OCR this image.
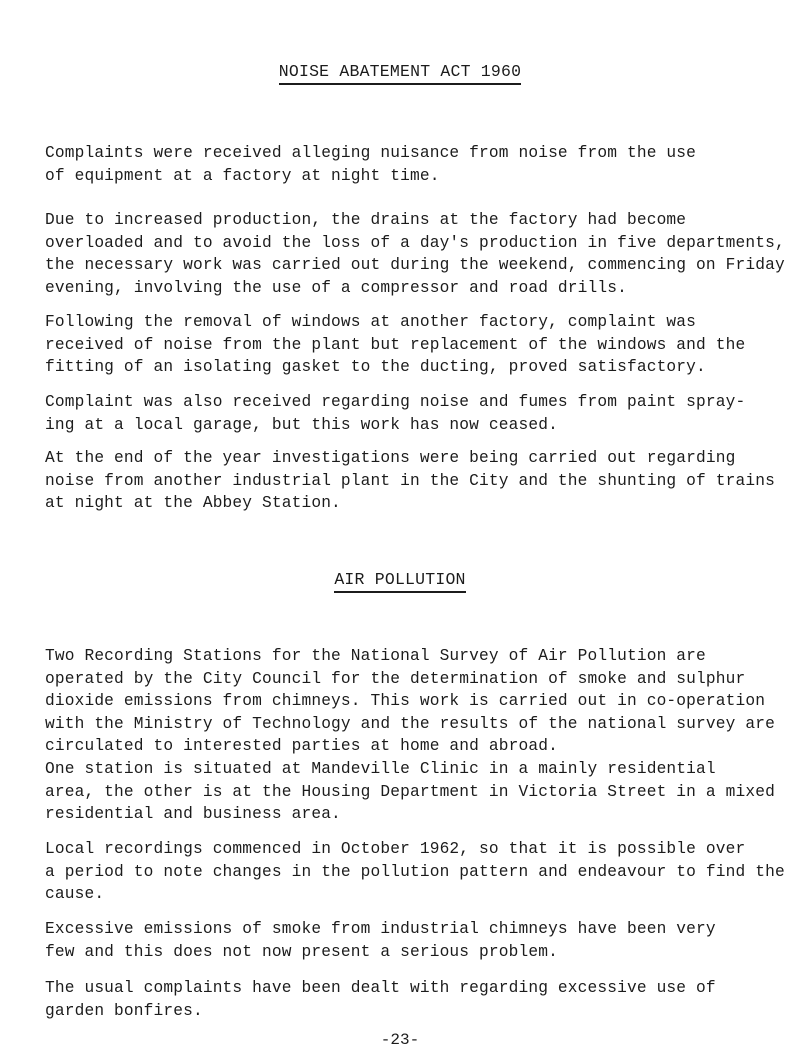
NOISE ABATEMENT ACT 1960

Complaints were received alleging nuisance from noise from the use
of equipment at a factory at night time.

Due to increased production, the drains at the factory had become
overloaded and to avoid the loss of a day's production in five departments,
the necessary work was carried out during the weekend, commencing on Friday
evening, involving the use of a compressor and road drills.

Following the removal of windows at another factory, complaint was
received of noise from the plant but replacement of the windows and the
fitting of an isolating gasket to the ducting, proved satisfactory.

Complaint was also received regarding noise and fumes from paint spray-
ing at a local garage, but this work has now ceased.

At the end of the year investigations were being carried out regarding
noise from another industrial plant in the City and the shunting of trains
at night at the Abbey Station.

AIR POLLUTION

Two Recording Stations for the National Survey of Air Pollution are
operated by the City Council for the determination of smoke and sulphur
dioxide emissions from chimneys. This work is carried out in co-operation
with the Ministry of Technology and the results of the national survey are
circulated to interested parties at home and abroad.

One station is situated at Mandeville Clinic in a mainly residential
area, the other is at the Housing Department in Victoria Street in a mixed
residential and business area.

Local recordings commenced in October 1962, so that it is possible over
a period to note changes in the pollution pattern and endeavour to find the
cause.

Excessive emissions of smoke from industrial chimneys have been very
few and this does not now present a serious problem.

The usual complaints have been dealt with regarding excessive use of
garden bonfires.

-23-
